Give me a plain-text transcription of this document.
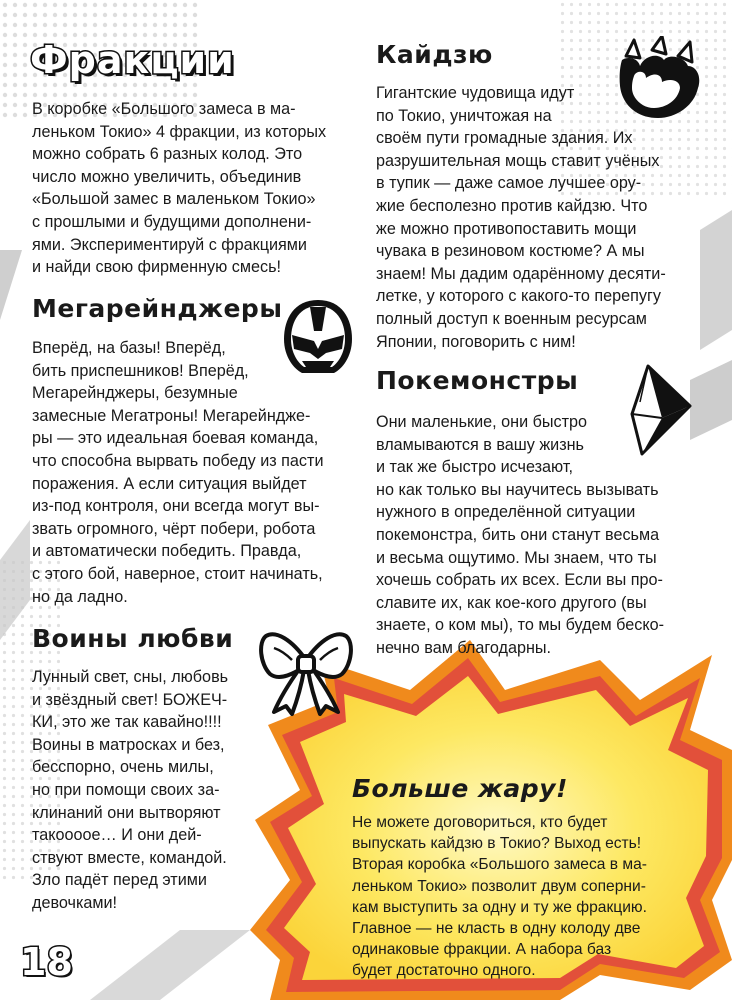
Фракции

В коробке «Большого замеса в ма-
леньком Токио» 4 фракции, из которых
можно собрать 6 разных колод. Это
число можно увеличить, объединив
«Большой замес в маленьком Токио»
с прошлыми и будущими дополнени-
ями. Экспериментируй с фракциями
и найди свою фирменную смесь!

Мегарейнджеры

Вперёд, на базы! Вперёд,
бить приспешников! Вперёд,
Мегарейнджеры, безумные
замесные Мегатроны! Мегарейндже-
ры — это идеальная боевая команда,
что способна вырвать победу из пасти
поражения. А если ситуация выйдет
из-под контроля, они всегда могут вы-
звать огромного, чёрт побери, робота
и автоматически победить. Правда,
с этого бой, наверное, стоит начинать,
но да ладно.

Воины любви

Лунный свет, сны, любовь
и звёздный свет! БОЖЕЧ-
КИ, это же так кавайно!!!!
Воины в матросках и без,
бесспорно, очень милы,
но при помощи своих за-
клинаний они вытворяют
такоооое… И они дей-
ствуют вместе, командой.
Зло падёт перед этими
девочками!

Кайдзю

Гигантские чудовища идут
по Токио, уничтожая на
своём пути громадные здания. Их
разрушительная мощь ставит учёных
в тупик — даже самое лучшее ору-
жие бесполезно против кайдзю. Что
же можно противопоставить мощи
чувака в резиновом костюме? А мы
знаем! Мы дадим одарённому десяти-
летке, у которого с какого-то перепугу
полный доступ к военным ресурсам
Японии, поговорить с ним!

Покемонстры

Они маленькие, они быстро
вламываются в вашу жизнь
и так же быстро исчезают,
но как только вы научитесь вызывать
нужного в определённой ситуации
покемонстра, бить они станут весьма
и весьма ощутимо. Мы знаем, что ты
хочешь собрать их всех. Если вы про-
славите их, как кое-кого другого (вы
знаете, о ком мы), то мы будем беско-
нечно вам благодарны.

Больше жару!

Не можете договориться, кто будет
выпускать кайдзю в Токио? Выход есть!
Вторая коробка «Большого замеса в ма-
леньком Токио» позволит двум соперни-
кам выступить за одну и ту же фракцию.
Главное — не класть в одну колоду две
одинаковые фракции. А набора баз
будет достаточно одного.

18
